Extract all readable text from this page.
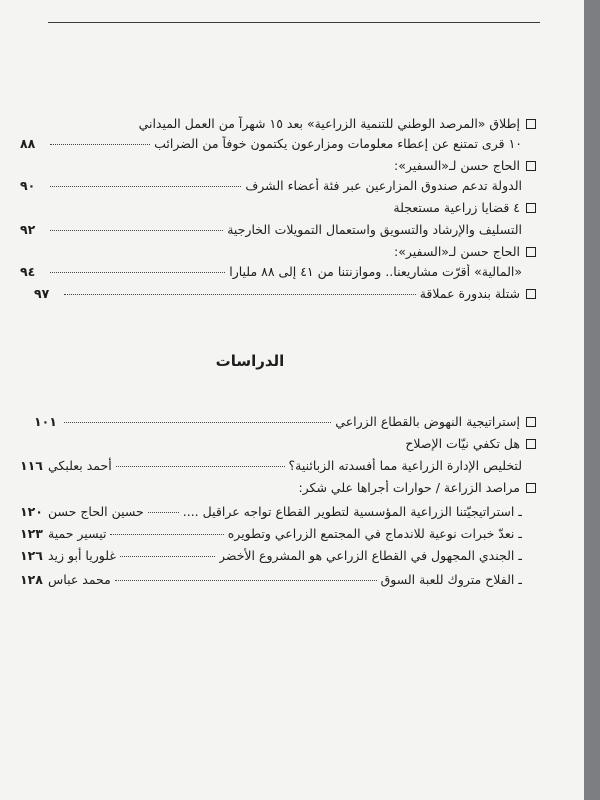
إطلاق «المرصد الوطني للتنمية الزراعية» بعد ١٥ شهراً من العمل الميداني
١٠ قرى تمتنع عن إعطاء معلومات ومزارعون يكتمون خوفاً من الضرائب
٨٨
الحاج حسن لـ«السفير»:
الدولة تدعم صندوق المزارعين عبر فئة أعضاء الشرف
٩٠
٤ قضايا زراعية مستعجلة
التسليف والإرشاد والتسويق واستعمال التمويلات الخارجية
٩٢
الحاج حسن لـ«السفير»:
«المالية» أقرّت مشاريعنا.. وموازنتنا من ٤١ إلى ٨٨ مليارا
٩٤
شتلة بندورة عملاقة
٩٧
الدراسات
إستراتيجية النهوض بالقطاع الزراعي
١٠١
هل تكفي نيّات الإصلاح
لتخليص الإدارة الزراعية مما أفسدته الزبائنية؟
أحمد بعلبكي
١١٦
مراصد الزراعة / حوارات أجراها علي شكر:
ـ استراتيجيّتنا الزراعية المؤسسية لتطوير القطاع تواجه عراقيل ....
حسين الحاج حسن
١٢٠
ـ نعدّ خبرات نوعية للاندماج في المجتمع الزراعي وتطويره
تيسير حمية
١٢٣
ـ الجندي المجهول في القطاع الزراعي هو المشروع الأخضر
غلوريا أبو زيد
١٢٦
ـ الفلاح متروك للعبة السوق
محمد عباس
١٢٨
